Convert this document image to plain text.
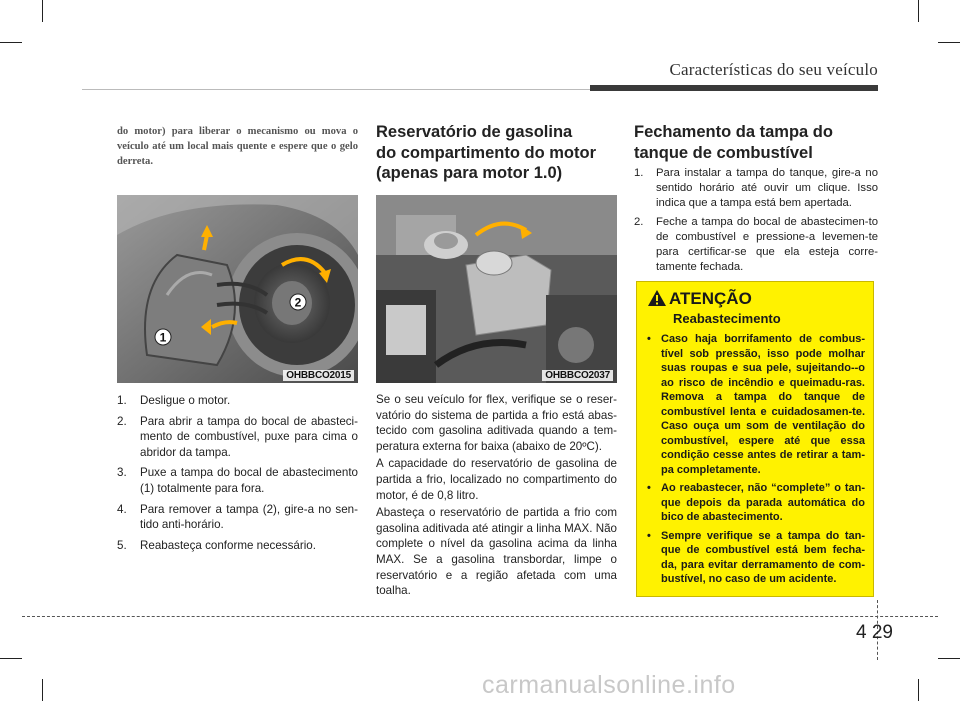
Características do seu veículo
do motor) para liberar o mecanismo ou mova o veículo até um local mais quente e espere que o gelo derreta.
1
2
OHBBCO2015
1. Desligue o motor.
2. Para abrir a tampa do bocal de abasteci-mento de combustível, puxe para cima o abridor da tampa.
3. Puxe a tampa do bocal de abastecimento (1) totalmente para fora.
4. Para remover a tampa (2), gire-a no sen-tido anti-horário.
5. Reabasteça conforme necessário.
Reservatório de gasolina
do compartimento do motor
(apenas para motor 1.0)
OHBBCO2037

Se o seu veículo for flex, verifique se o reser-vatório do sistema de partida a frio está abas-tecido com gasolina aditivada quando a tem-peratura externa for baixa (abaixo de 20ºC).

A capacidade do reservatório de gasolina de partida a frio, localizado no compartimento do motor, é de 0,8 litro.

Abasteça o reservatório de partida a frio com gasolina aditivada até atingir a linha MAX. Não complete o nível da gasolina acima da linha MAX. Se a gasolina transbordar, limpe o reservatório e a região afetada com uma toalha.

Fechamento da tampa do
tanque de combustível
1. Para instalar a tampa do tanque, gire-a no sentido horário até ouvir um clique. Isso indica que a tampa está bem apertada.
2. Feche a tampa do bocal de abastecimen-to de combustível e pressione-a levemen-te para certificar-se que ela esteja corre-tamente fechada.
ATENÇÃO
Reabastecimento
• Caso haja borrifamento de combus-tível sob pressão, isso pode molhar suas roupas e sua pele, sujeitando--o ao risco de incêndio e queimadu-ras. Remova a tampa do tanque de combustível lenta e cuidadosamen-te. Caso ouça um som de ventilação do combustível, espere até que essa condição cesse antes de retirar a tam-pa completamente.
• Ao reabastecer, não “complete” o tan-que depois da parada automática do bico de abastecimento.
• Sempre verifique se a tampa do tan-que de combustível está bem fecha-da, para evitar derramamento de com-bustível, no caso de um acidente.
4 29
carmanualsonline.info
